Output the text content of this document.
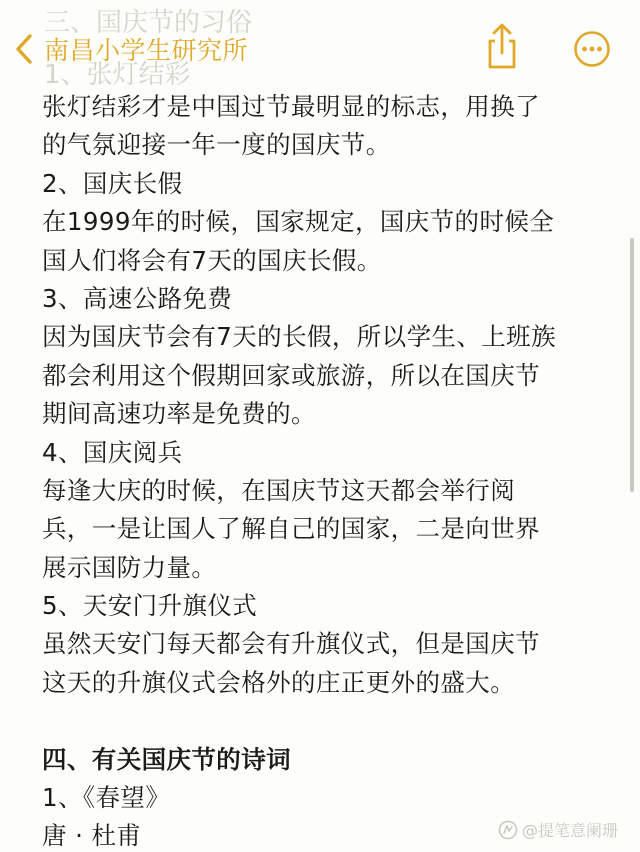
三、国庆节的习俗
1、张灯结彩
南昌小学生研究所
张灯结彩才是中国过节最明显的标志，用换了
的气氛迎接一年一度的国庆节。
2、国庆长假
在1999年的时候，国家规定，国庆节的时候全
国人们将会有7天的国庆长假。
3、高速公路免费
因为国庆节会有7天的长假，所以学生、上班族
都会利用这个假期回家或旅游，所以在国庆节
期间高速功率是免费的。
4、国庆阅兵
每逢大庆的时候，在国庆节这天都会举行阅
兵，一是让国人了解自己的国家，二是向世界
展示国防力量。
5、天安门升旗仪式
虽然天安门每天都会有升旗仪式，但是国庆节
这天的升旗仪式会格外的庄正更外的盛大。
四、有关国庆节的诗词
1、《春望》
唐 · 杜甫	@提笔意阑珊
